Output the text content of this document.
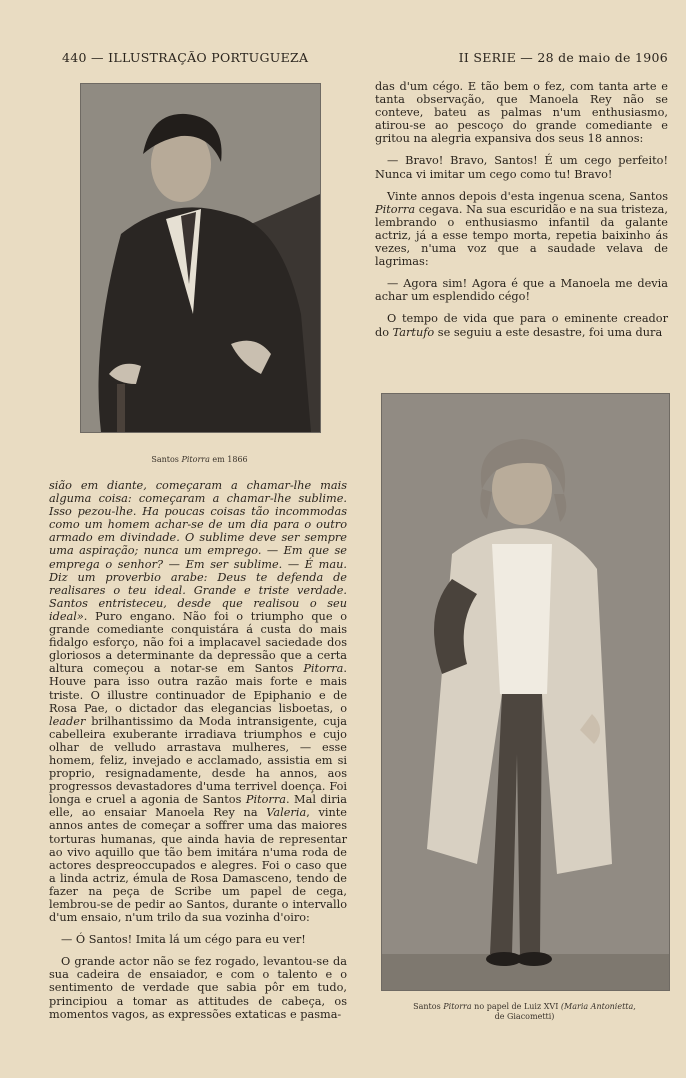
440 — ILLUSTRAÇÃO PORTUGUEZA	II SERIE — 28 de maio de 1906
Santos Pitorra em 1866

sião em diante, começaram a chamar-lhe mais alguma coisa: começaram a chamar-lhe sublime. Isso pezou-lhe. Ha poucas coisas tão incommodas como um homem achar-se de um dia para o outro armado em divindade. O sublime deve ser sempre uma aspiração; nunca um emprego. — Em que se emprega o senhor? — Em ser sublime. — É mau. Diz um proverbio arabe: Deus te defenda de realisares o teu ideal. Grande e triste verdade. Santos entristeceu, desde que realisou o seu ideal». Puro engano. Não foi o triumpho que o grande comediante conquistára á custa do mais fidalgo esforço, não foi a implacavel saciedade dos gloriosos a determinante da depressão que a certa altura começou a notar-se em Santos Pitorra. Houve para isso outra razão mais forte e mais triste. O illustre continuador de Epiphanio e de Rosa Pae, o dictador das elegancias lisboetas, o leader brilhantissimo da Moda intransigente, cuja cabelleira exuberante irradiava triumphos e cujo olhar de velludo arrastava mulheres, — esse homem, feliz, invejado e acclamado, assistia em si proprio, resignadamente, desde ha annos, aos progressos devastadores d'uma terrivel doença. Foi longa e cruel a agonia de Santos Pitorra. Mal diria elle, ao ensaiar Manoela Rey na Valeria, vinte annos antes de começar a soffrer uma das maiores torturas humanas, que ainda havia de representar ao vivo aquillo que tão bem imitára n'uma roda de actores despreoccupados e alegres. Foi o caso que a linda actriz, émula de Rosa Damasceno, tendo de fazer na peça de Scribe um papel de cega, lembrou-se de pedir ao Santos, durante o intervallo d'um ensaio, n'um trilo da sua vozinha d'oiro:

— Ó Santos! Imita lá um cégo para eu ver!

O grande actor não se fez rogado, levantou-se da sua cadeira de ensaiador, e com o talento e o sentimento de verdade que sabia pôr em tudo, principiou a tomar as attitudes de cabeça, os momentos vagos, as expressões extaticas e pasma-

das d'um cégo. E tão bem o fez, com tanta arte e tanta observação, que Manoela Rey não se conteve, bateu as palmas n'um enthusiasmo, atirou-se ao pescoço do grande comediante e gritou na alegria expansiva dos seus 18 annos:

— Bravo! Bravo, Santos! É um cego perfeito! Nunca vi imitar um cego como tu! Bravo!

Vinte annos depois d'esta ingenua scena, Santos Pitorra cegava. Na sua escuridão e na sua tristeza, lembrando o enthusiasmo infantil da galante actriz, já a esse tempo morta, repetia baixinho ás vezes, n'uma voz que a saudade velava de lagrimas:

— Agora sim! Agora é que a Manoela me devia achar um esplendido cégo!

O tempo de vida que para o eminente creador do Tartufo se seguiu a este desastre, foi uma dura

Santos Pitorra no papel de Luiz XVI (Maria Antonietta,
de Giacometti)
